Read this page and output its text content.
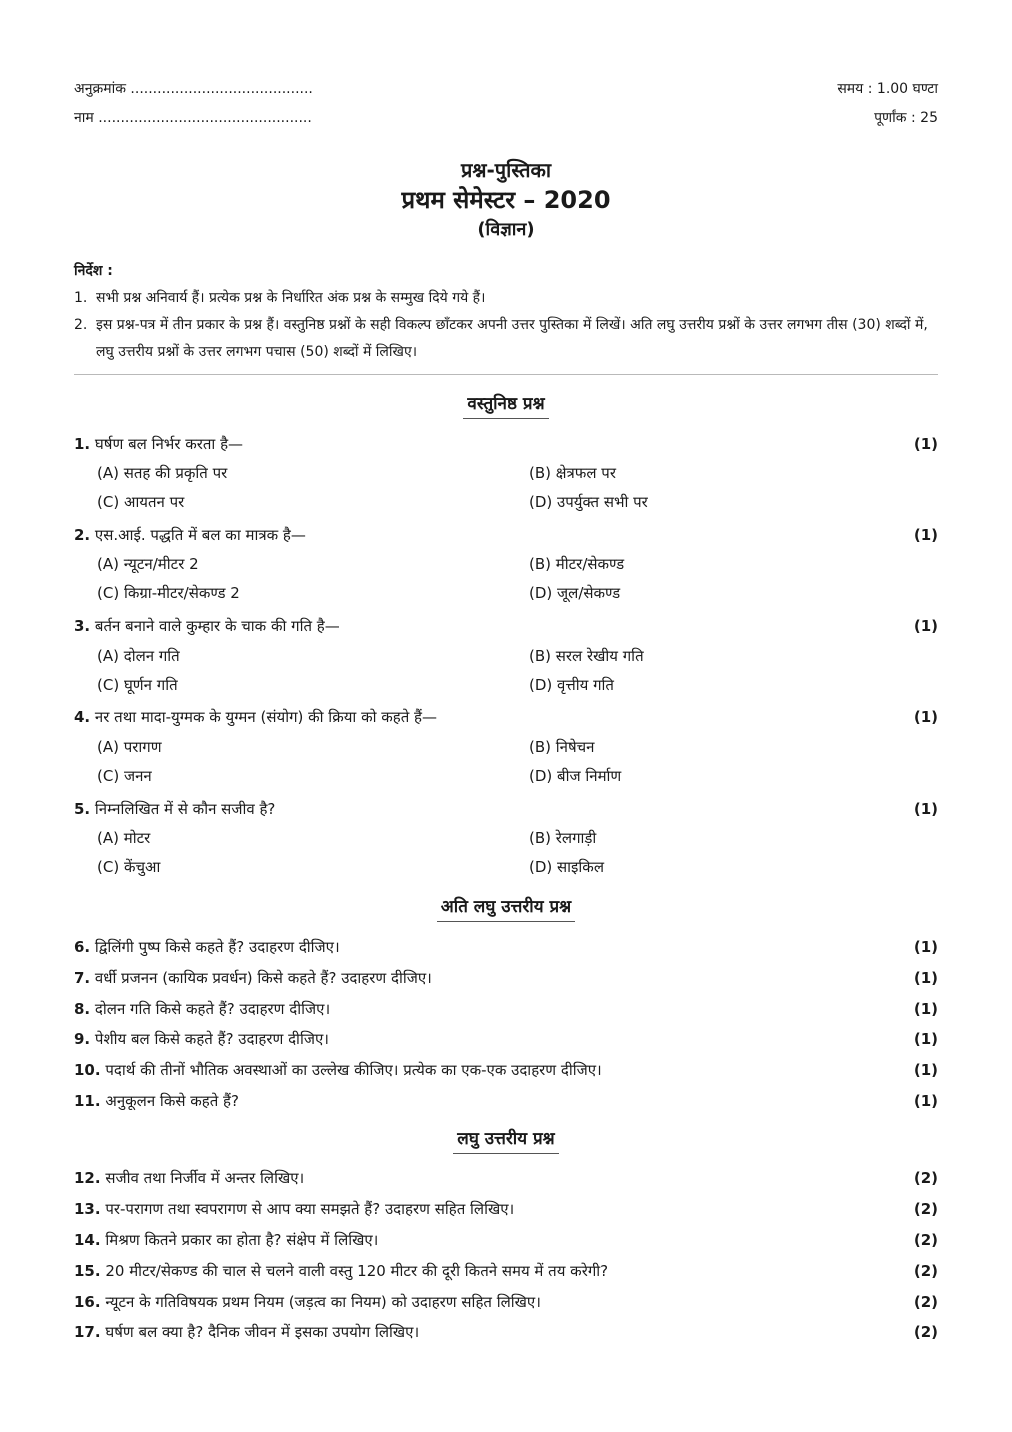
अनुक्रमांक .........................................	समय : 1.00 घण्टा
नाम ................................................	पूर्णांक : 25
प्रश्न-पुस्तिका
प्रथम सेमेस्टर – 2020
(विज्ञान)
निर्देश :
1. सभी प्रश्न अनिवार्य हैं। प्रत्येक प्रश्न के निर्धारित अंक प्रश्न के सम्मुख दिये गये हैं।
2. इस प्रश्न-पत्र में तीन प्रकार के प्रश्न हैं। वस्तुनिष्ठ प्रश्नों के सही विकल्प छाँटकर अपनी उत्तर पुस्तिका में लिखें। अति लघु उत्तरीय प्रश्नों के उत्तर लगभग तीस (30) शब्दों में, लघु उत्तरीय प्रश्नों के उत्तर लगभग पचास (50) शब्दों में लिखिए।
वस्तुनिष्ठ प्रश्न
1. घर्षण बल निर्भर करता है—	(1)
(A) सतह की प्रकृति पर	(B) क्षेत्रफल पर
(C) आयतन पर	(D) उपर्युक्त सभी पर
2. एस.आई. पद्धति में बल का मात्रक है—	(1)
(A) न्यूटन/मीटर 2	(B) मीटर/सेकण्ड
(C) किग्रा-मीटर/सेकण्ड 2	(D) जूल/सेकण्ड
3. बर्तन बनाने वाले कुम्हार के चाक की गति है—	(1)
(A) दोलन गति	(B) सरल रेखीय गति
(C) घूर्णन गति	(D) वृत्तीय गति
4. नर तथा मादा-युग्मक के युग्मन (संयोग) की क्रिया को कहते हैं—	(1)
(A) परागण	(B) निषेचन
(C) जनन	(D) बीज निर्माण
5. निम्नलिखित में से कौन सजीव है?	(1)
(A) मोटर	(B) रेलगाड़ी
(C) केंचुआ	(D) साइकिल
अति लघु उत्तरीय प्रश्न
6. द्विलिंगी पुष्प किसे कहते हैं? उदाहरण दीजिए।	(1)
7. वर्धी प्रजनन (कायिक प्रवर्धन) किसे कहते हैं? उदाहरण दीजिए।	(1)
8. दोलन गति किसे कहते हैं? उदाहरण दीजिए।	(1)
9. पेशीय बल किसे कहते हैं? उदाहरण दीजिए।	(1)
10. पदार्थ की तीनों भौतिक अवस्थाओं का उल्लेख कीजिए। प्रत्येक का एक-एक उदाहरण दीजिए।	(1)
11. अनुकूलन किसे कहते हैं?	(1)
लघु उत्तरीय प्रश्न
12. सजीव तथा निर्जीव में अन्तर लिखिए।	(2)
13. पर-परागण तथा स्वपरागण से आप क्या समझते हैं? उदाहरण सहित लिखिए।	(2)
14. मिश्रण कितने प्रकार का होता है? संक्षेप में लिखिए।	(2)
15. 20 मीटर/सेकण्ड की चाल से चलने वाली वस्तु 120 मीटर की दूरी कितने समय में तय करेगी?	(2)
16. न्यूटन के गतिविषयक प्रथम नियम (जड़त्व का नियम) को उदाहरण सहित लिखिए।	(2)
17. घर्षण बल क्या है? दैनिक जीवन में इसका उपयोग लिखिए।	(2)
